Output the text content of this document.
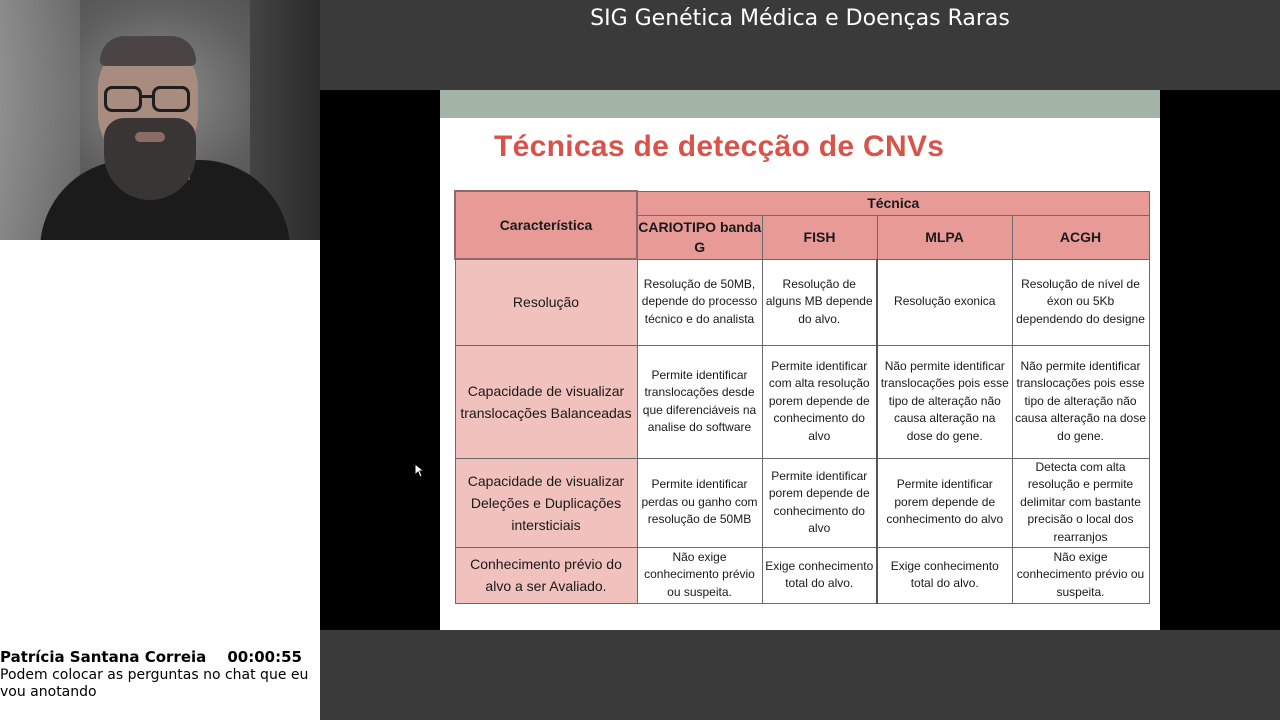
Patrícia Santana Correia 00:00:55
Podem colocar as perguntas no chat que eu vou anotando
SIG Genética Médica e Doenças Raras
Técnicas de detecção de CNVs
Característica	Técnica			
	CARIOTIPO banda G	FISH	MLPA	ACGH
Resolução	Resolução de 50MB, depende do processo técnico e do analista	Resolução de alguns MB depende do alvo.	Resolução exonica	Resolução de nível de éxon ou 5Kb dependendo do designe
Capacidade de visualizar translocações Balanceadas	Permite identificar translocações desde que diferenciáveis na analise do software	Permite identificar com alta resolução porem depende de conhecimento do alvo	Não permite identificar translocações pois esse tipo de alteração não causa alteração na dose do gene.	Não permite identificar translocações pois esse tipo de alteração não causa alteração na dose do gene.
Capacidade de visualizar Deleções e Duplicações intersticiais	Permite identificar perdas ou ganho com resolução de 50MB	Permite identificar porem depende de conhecimento do alvo	Permite identificar porem depende de conhecimento do alvo	Detecta com alta resolução e permite delimitar com bastante precisão o local dos rearranjos
Conhecimento prévio do alvo a ser Avaliado.	Não exige conhecimento prévio ou suspeita.	Exige conhecimento total do alvo.	Exige conhecimento total do alvo.	Não exige conhecimento prévio ou suspeita.
